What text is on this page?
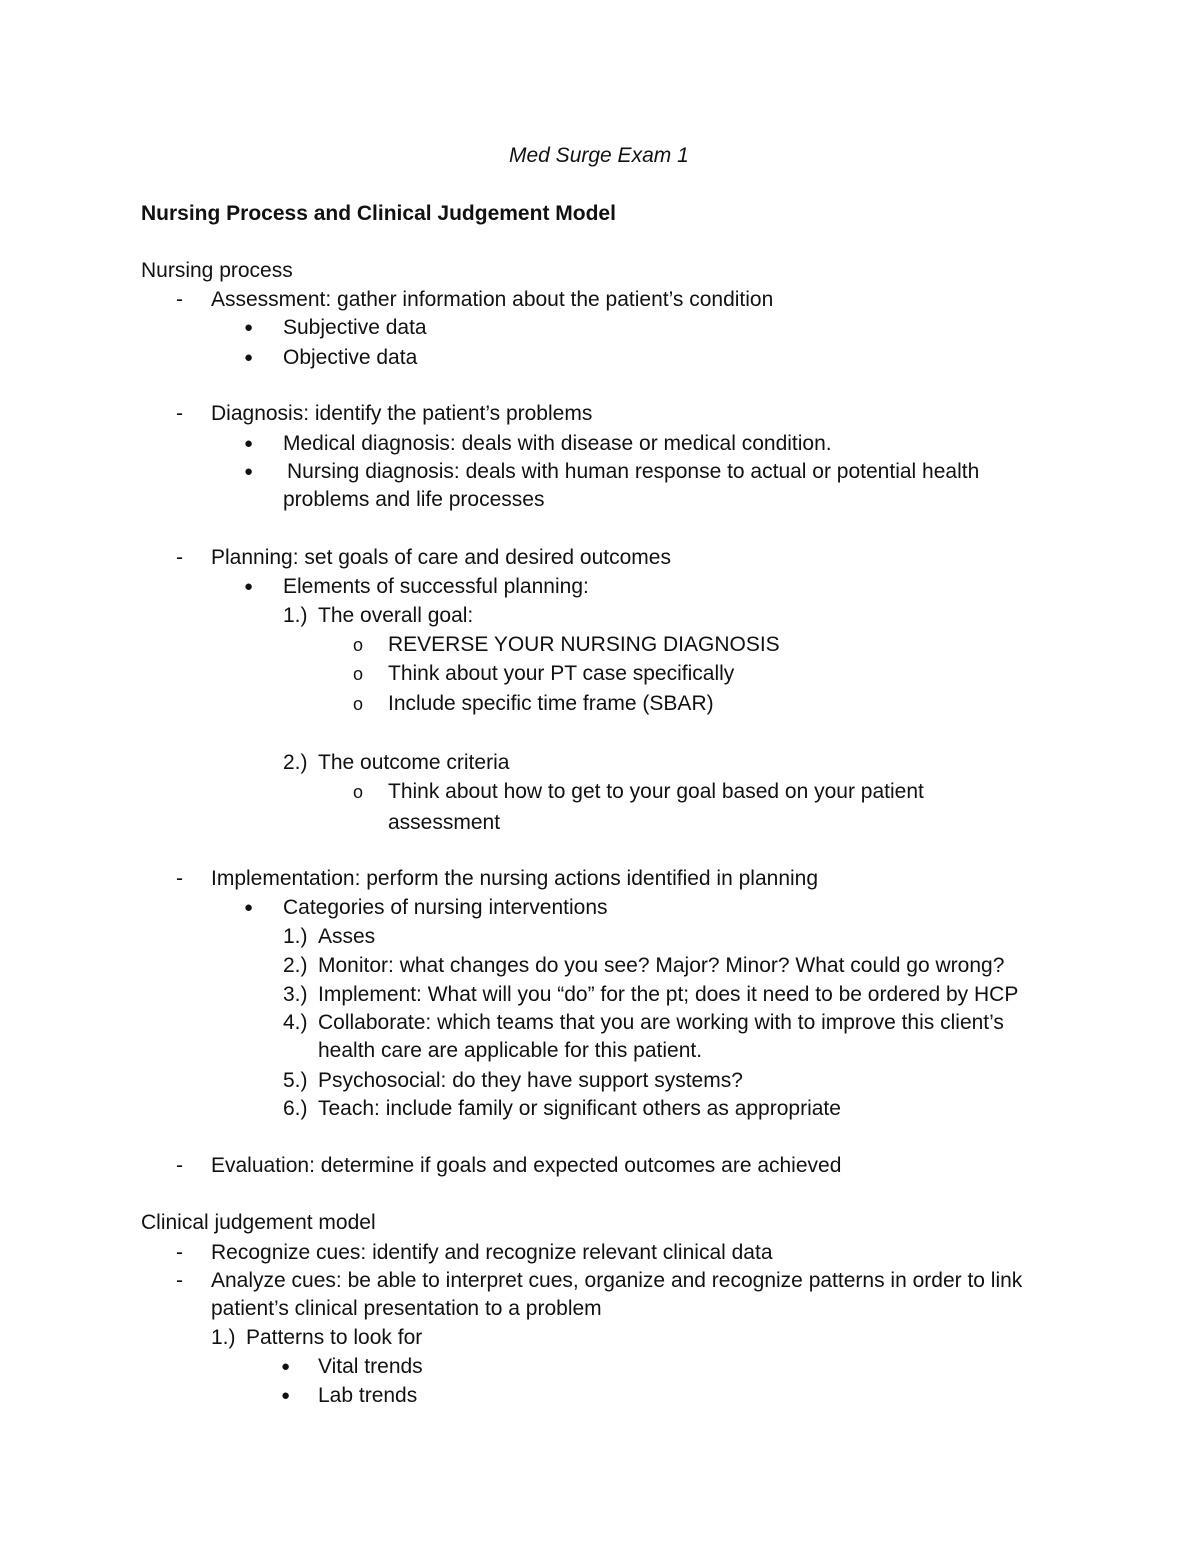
Med Surge Exam 1
Nursing Process and Clinical Judgement Model
Nursing process
- Assessment: gather information about the patient’s condition
● Subjective data
● Objective data
- Diagnosis: identify the patient’s problems
● Medical diagnosis: deals with disease or medical condition.
● Nursing diagnosis: deals with human response to actual or potential health
problems and life processes
- Planning: set goals of care and desired outcomes
● Elements of successful planning:
1.) The overall goal:
o REVERSE YOUR NURSING DIAGNOSIS
o Think about your PT case specifically
o Include specific time frame (SBAR)
2.) The outcome criteria
o Think about how to get to your goal based on your patient
assessment
- Implementation: perform the nursing actions identified in planning
● Categories of nursing interventions
1.) Asses
2.) Monitor: what changes do you see? Major? Minor? What could go wrong?
3.) Implement: What will you “do” for the pt; does it need to be ordered by HCP
4.) Collaborate: which teams that you are working with to improve this client’s
health care are applicable for this patient.
5.) Psychosocial: do they have support systems?
6.) Teach: include family or significant others as appropriate
- Evaluation: determine if goals and expected outcomes are achieved
Clinical judgement model
- Recognize cues: identify and recognize relevant clinical data
- Analyze cues: be able to interpret cues, organize and recognize patterns in order to link
patient’s clinical presentation to a problem
1.) Patterns to look for
● Vital trends
● Lab trends
